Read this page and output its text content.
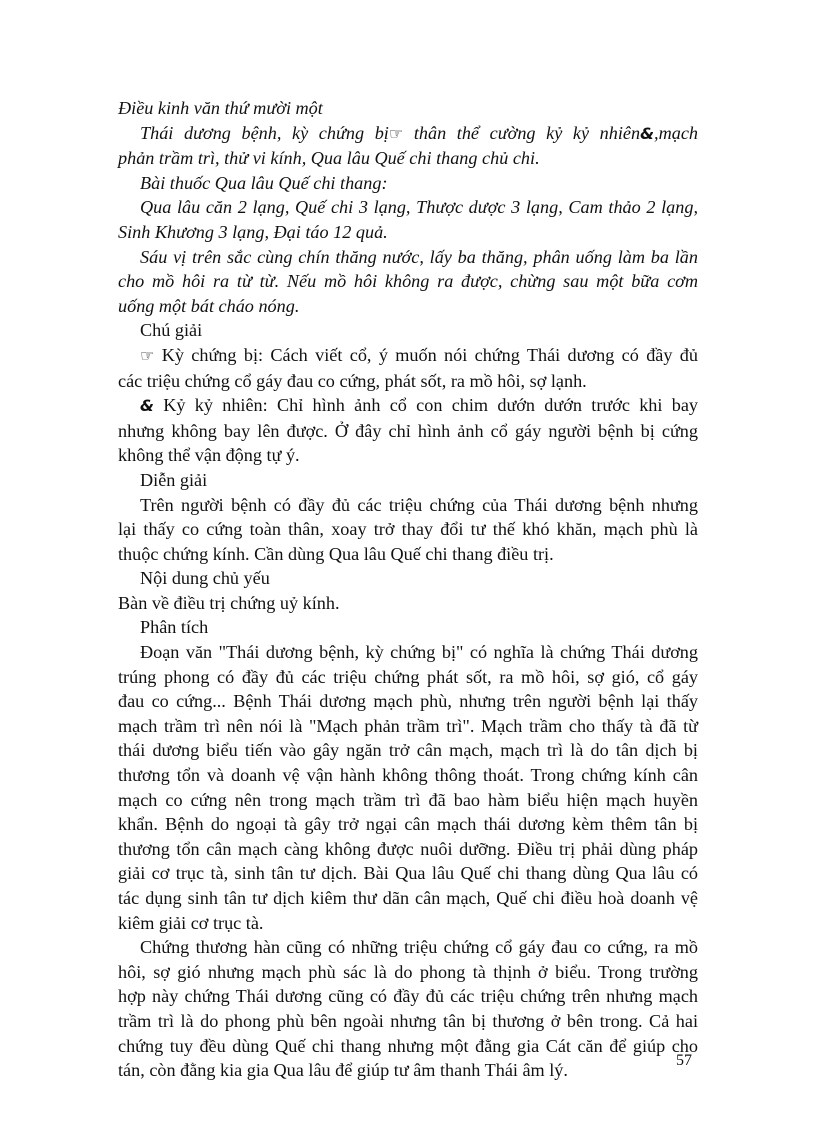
Điều kinh văn thứ mười một

Thái dương bệnh, kỳ chứng bị☞ thân thể cường kỷ kỷ nhiên&,mạch

phản trầm trì, thử vi kính, Qua lâu Quế chi thang chủ chi.

Bài thuốc Qua lâu Quế chi thang:

Qua lâu căn 2 lạng, Quế chi 3 lạng, Thược dược 3 lạng, Cam thảo 2 lạng,

Sinh Khương 3 lạng, Đại táo 12 quả.

Sáu vị trên sắc cùng chín thăng nước, lấy ba thăng, phân uống làm ba lần

cho mồ hôi ra từ từ. Nếu mồ hôi không ra được, chừng sau một bữa cơm

uống một bát cháo nóng.

Chú giải

☞ Kỳ chứng bị: Cách viết cổ, ý muốn nói chứng Thái dương có đầy đủ

các triệu chứng cổ gáy đau co cứng, phát sốt, ra mồ hôi, sợ lạnh.

& Kỷ kỷ nhiên: Chỉ hình ảnh cổ con chim dướn dướn trước khi bay

nhưng không bay lên được. Ở đây chỉ hình ảnh cổ gáy người bệnh bị cứng

không thể vận động tự ý.

Diễn giải

Trên người bệnh có đầy đủ các triệu chứng của Thái dương bệnh nhưng

lại thấy co cứng toàn thân, xoay trở thay đổi tư thế khó khăn, mạch phù là

thuộc chứng kính. Cần dùng Qua lâu Quế chi thang điều trị.

Nội dung chủ yếu

Bàn về điều trị chứng uỷ kính.

Phân tích

Đoạn văn "Thái dương bệnh, kỳ chứng bị" có nghĩa là chứng Thái dương

trúng phong có đầy đủ các triệu chứng phát sốt, ra mồ hôi, sợ gió, cổ gáy

đau co cứng... Bệnh Thái dương mạch phù, nhưng trên người bệnh lại thấy

mạch trầm trì nên nói là "Mạch phản trầm trì". Mạch trầm cho thấy tà đã từ

thái dương biểu tiến vào gây ngăn trở cân mạch, mạch trì là do tân dịch bị

thương tổn và doanh vệ vận hành không thông thoát. Trong chứng kính cân

mạch co cứng nên trong mạch trầm trì đã bao hàm biểu hiện mạch huyền

khẩn. Bệnh do ngoại tà gây trở ngại cân mạch thái dương kèm thêm tân bị

thương tổn cân mạch càng không được nuôi dưỡng. Điều trị phải dùng pháp

giải cơ trục tà, sinh tân tư dịch. Bài Qua lâu Quế chi thang dùng Qua lâu có

tác dụng sinh tân tư dịch kiêm thư dãn cân mạch, Quế chi điều hoà doanh vệ

kiêm giải cơ trục tà.

Chứng thương hàn cũng có những triệu chứng cổ gáy đau co cứng, ra mồ

hôi, sợ gió nhưng mạch phù sác là do phong tà thịnh ở biểu. Trong trường

hợp này chứng Thái dương cũng có đầy đủ các triệu chứng trên nhưng mạch

trầm trì là do phong phù bên ngoài nhưng tân bị thương ở bên trong. Cả hai

chứng tuy đều dùng Quế chi thang nhưng một đằng gia Cát căn để giúp cho

tán, còn đằng kia gia Qua lâu để giúp tư âm thanh Thái âm lý.	57
